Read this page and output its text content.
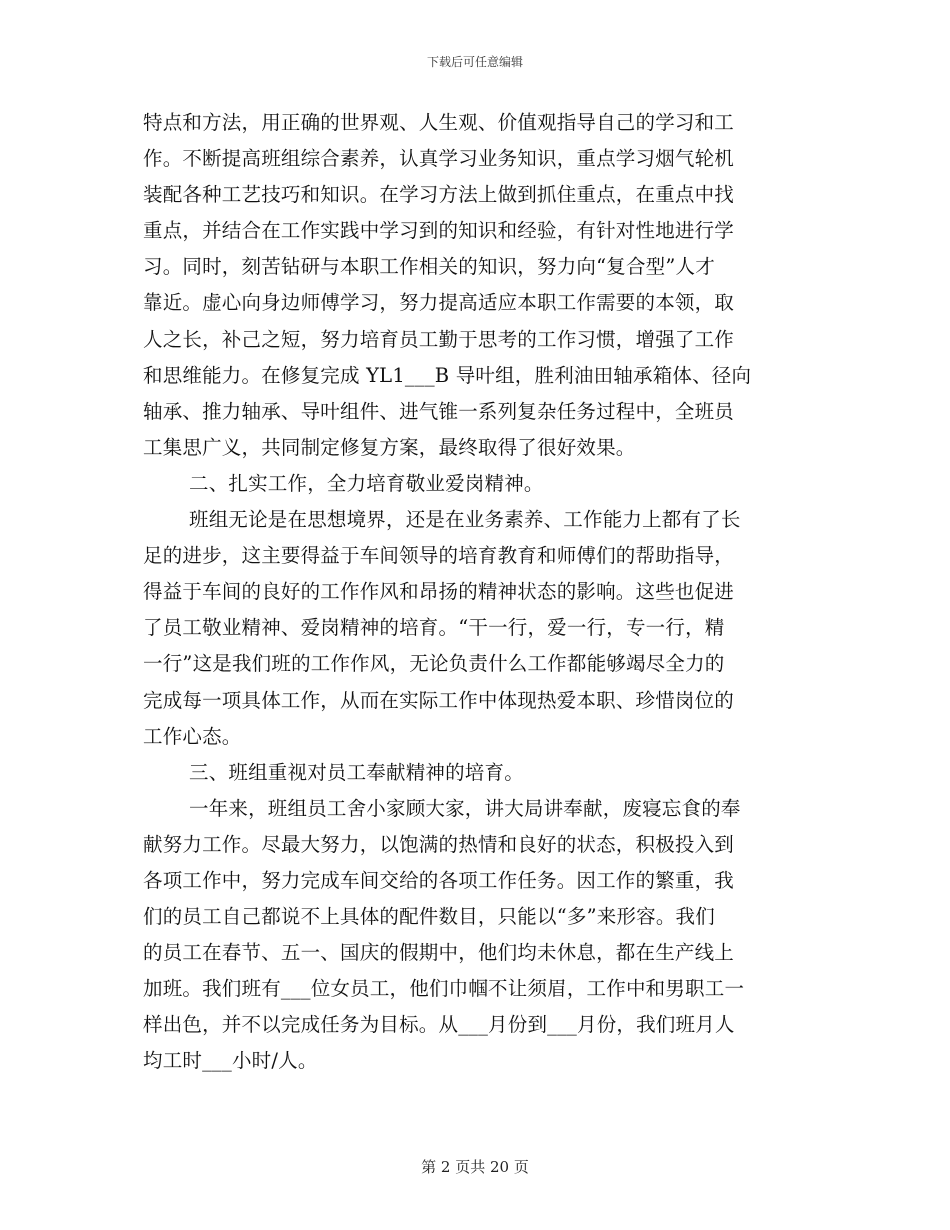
下载后可任意编辑
特点和方法，用正确的世界观、人生观、价值观指导自己的学习和工
作。不断提高班组综合素养，认真学习业务知识，重点学习烟气轮机
装配各种工艺技巧和知识。在学习方法上做到抓住重点，在重点中找
重点，并结合在工作实践中学习到的知识和经验，有针对性地进行学
习。同时，刻苦钻研与本职工作相关的知识，努力向“复合型”人才
靠近。虚心向身边师傅学习，努力提高适应本职工作需要的本领，取
人之长，补己之短，努力培育员工勤于思考的工作习惯，增强了工作
和思维能力。在修复完成 YL1___B 导叶组，胜利油田轴承箱体、径向
轴承、推力轴承、导叶组件、进气锥一系列复杂任务过程中，全班员
工集思广义，共同制定修复方案，最终取得了很好效果。
二、扎实工作，全力培育敬业爱岗精神。
班组无论是在思想境界，还是在业务素养、工作能力上都有了长
足的进步，这主要得益于车间领导的培育教育和师傅们的帮助指导，
得益于车间的良好的工作作风和昂扬的精神状态的影响。这些也促进
了员工敬业精神、爱岗精神的培育。“干一行，爱一行，专一行，精
一行”这是我们班的工作作风，无论负责什么工作都能够竭尽全力的
完成每一项具体工作，从而在实际工作中体现热爱本职、珍惜岗位的
工作心态。
三、班组重视对员工奉献精神的培育。
一年来，班组员工舍小家顾大家，讲大局讲奉献，废寝忘食的奉
献努力工作。尽最大努力，以饱满的热情和良好的状态，积极投入到
各项工作中，努力完成车间交给的各项工作任务。因工作的繁重，我
们的员工自己都说不上具体的配件数目，只能以“多”来形容。我们
的员工在春节、五一、国庆的假期中，他们均未休息，都在生产线上
加班。我们班有___位女员工，他们巾帼不让须眉，工作中和男职工一
样出色，并不以完成任务为目标。从___月份到___月份，我们班月人
均工时___小时/人。
第 2 页共 20 页
